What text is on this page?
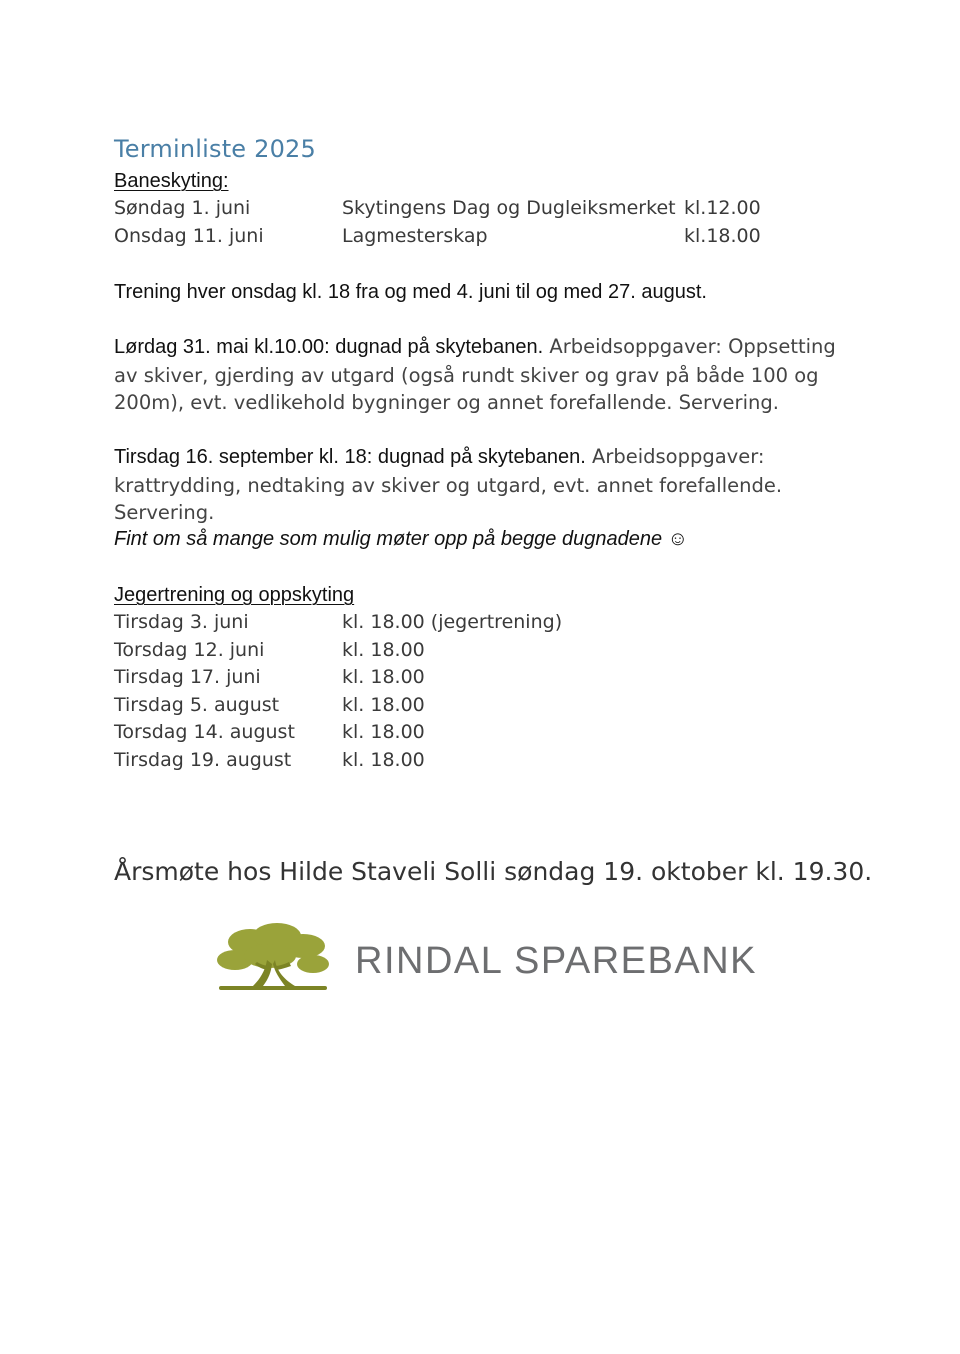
Terminliste 2025
Baneskyting:
Søndag 1. juni	Skytingens Dag og Dugleiksmerket kl.12.00
Onsdag 11. juni	Lagmesterskap	kl.18.00
Trening hver onsdag kl. 18 fra og med 4. juni til og med 27. august.
Lørdag 31. mai kl.10.00: dugnad på skytebanen. Arbeidsoppgaver: Oppsetting av skiver, gjerding av utgard (også rundt skiver og grav på både 100 og 200m), evt. vedlikehold bygninger og annet forefallende. Servering.
Tirsdag 16. september kl. 18: dugnad på skytebanen. Arbeidsoppgaver: krattrydding, nedtaking av skiver og utgard, evt. annet forefallende. Servering.
Fint om så mange som mulig møter opp på begge dugnadene ☺
Jegertrening og oppskyting
Tirsdag 3. juni	kl. 18.00 (jegertrening)
Torsdag 12. juni	kl. 18.00
Tirsdag 17. juni	kl. 18.00
Tirsdag 5. august	kl. 18.00
Torsdag 14. august kl. 18.00
Tirsdag 19. august	kl. 18.00
Årsmøte hos Hilde Staveli Solli søndag 19. oktober kl. 19.30.
RINDAL SPAREBANK
